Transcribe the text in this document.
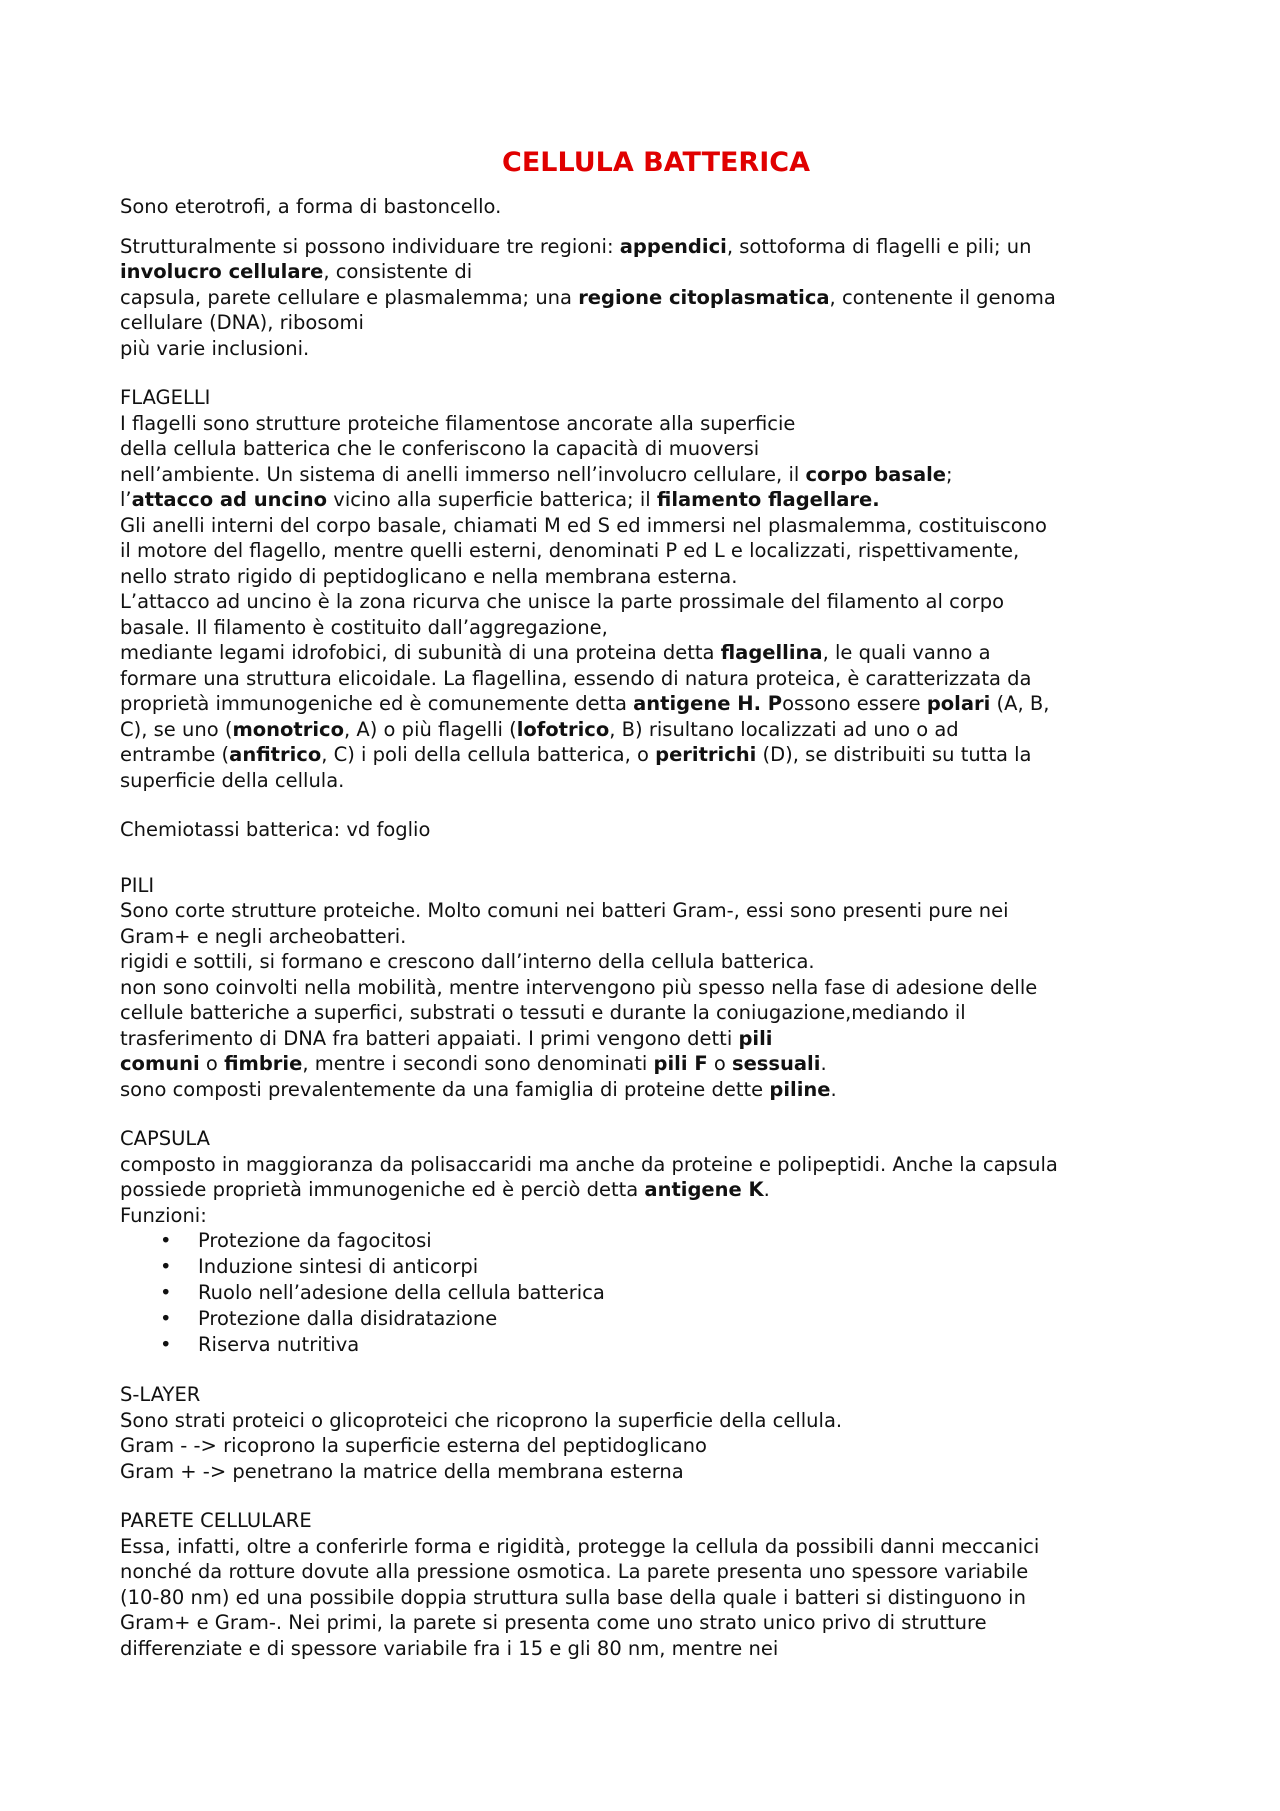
CELLULA BATTERICA

Sono eterotrofi, a forma di bastoncello.

Strutturalmente si possono individuare tre regioni: appendici, sottoforma di flagelli e pili; un
involucro cellulare, consistente di
capsula, parete cellulare e plasmalemma; una regione citoplasmatica, contenente il genoma
cellulare (DNA), ribosomi
più varie inclusioni.

FLAGELLI

I flagelli sono strutture proteiche filamentose ancorate alla superficie
della cellula batterica che le conferiscono la capacità di muoversi
nell’ambiente. Un sistema di anelli immerso nell’involucro cellulare, il corpo basale;
l’attacco ad uncino vicino alla superficie batterica; il filamento flagellare.
Gli anelli interni del corpo basale, chiamati M ed S ed immersi nel plasmalemma, costituiscono
il motore del flagello, mentre quelli esterni, denominati P ed L e localizzati, rispettivamente,
nello strato rigido di peptidoglicano e nella membrana esterna.
L’attacco ad uncino è la zona ricurva che unisce la parte prossimale del filamento al corpo
basale. Il filamento è costituito dall’aggregazione,
mediante legami idrofobici, di subunità di una proteina detta flagellina, le quali vanno a
formare una struttura elicoidale. La flagellina, essendo di natura proteica, è caratterizzata da
proprietà immunogeniche ed è comunemente detta antigene H. Possono essere polari (A, B,
C), se uno (monotrico, A) o più flagelli (lofotrico, B) risultano localizzati ad uno o ad
entrambe (anfitrico, C) i poli della cellula batterica, o peritrichi (D), se distribuiti su tutta la
superficie della cellula.

Chemiotassi batterica: vd foglio

PILI

Sono corte strutture proteiche. Molto comuni nei batteri Gram-, essi sono presenti pure nei
Gram+ e negli archeobatteri.
rigidi e sottili, si formano e crescono dall’interno della cellula batterica.
non sono coinvolti nella mobilità, mentre intervengono più spesso nella fase di adesione delle
cellule batteriche a superfici, substrati o tessuti e durante la coniugazione,mediando il
trasferimento di DNA fra batteri appaiati. I primi vengono detti pili
comuni o fimbrie, mentre i secondi sono denominati pili F o sessuali.
sono composti prevalentemente da una famiglia di proteine dette piline.

CAPSULA

composto in maggioranza da polisaccaridi ma anche da proteine e polipeptidi. Anche la capsula
possiede proprietà immunogeniche ed è perciò detta antigene K.
Funzioni:

• Protezione da fagocitosi
• Induzione sintesi di anticorpi
• Ruolo nell’adesione della cellula batterica
• Protezione dalla disidratazione
• Riserva nutritiva

S-LAYER

Sono strati proteici o glicoproteici che ricoprono la superficie della cellula.
Gram - -> ricoprono la superficie esterna del peptidoglicano
Gram + -> penetrano la matrice della membrana esterna

PARETE CELLULARE

Essa, infatti, oltre a conferirle forma e rigidità, protegge la cellula da possibili danni meccanici
nonché da rotture dovute alla pressione osmotica. La parete presenta uno spessore variabile
(10-80 nm) ed una possibile doppia struttura sulla base della quale i batteri si distinguono in
Gram+ e Gram-. Nei primi, la parete si presenta come uno strato unico privo di strutture
differenziate e di spessore variabile fra i 15 e gli 80 nm, mentre nei
